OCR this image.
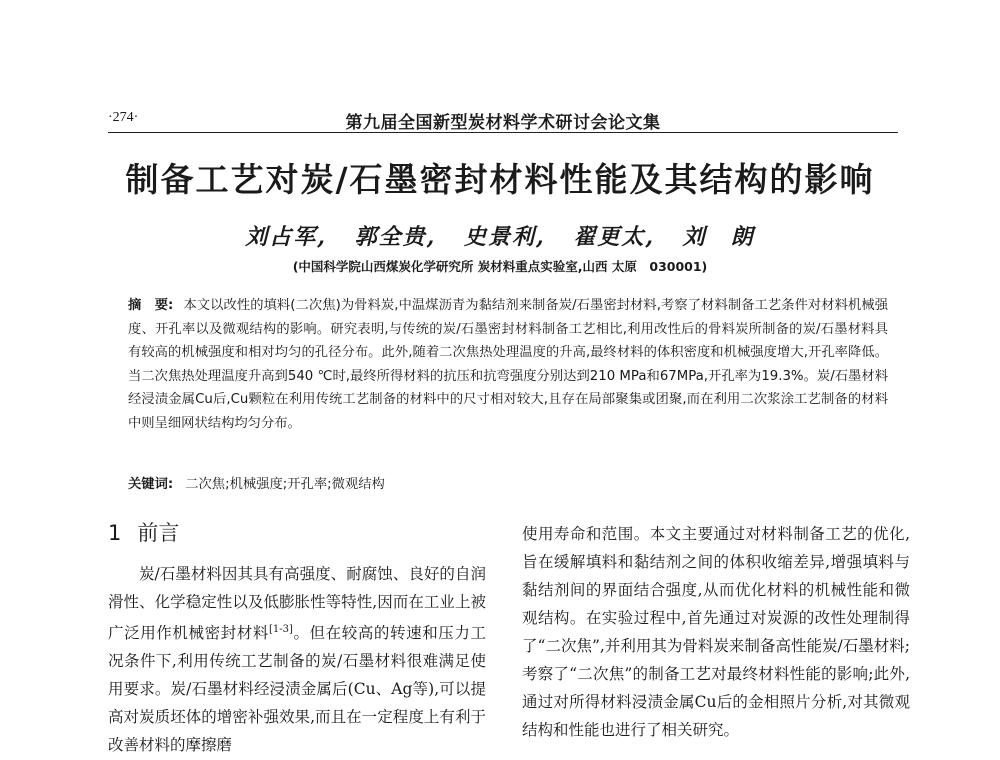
·274·	第九届全国新型炭材料学术研讨会论文集
制备工艺对炭/石墨密封材料性能及其结构的影响
刘占军, 郭全贵, 史景利, 翟更太, 刘　朗
(中国科学院山西煤炭化学研究所 炭材料重点实验室,山西 太原　030001)
摘　要: 本文以改性的填料(二次焦)为骨料炭,中温煤沥青为黏结剂来制备炭/石墨密封材料,考察了材料制备工艺条件对材料机械强度、开孔率以及微观结构的影响。研究表明,与传统的炭/石墨密封材料制备工艺相比,利用改性后的骨料炭所制备的炭/石墨材料具有较高的机械强度和相对均匀的孔径分布。此外,随着二次焦热处理温度的升高,最终材料的体积密度和机械强度增大,开孔率降低。当二次焦热处理温度升高到540 ℃时,最终所得材料的抗压和抗弯强度分别达到210 MPa和67MPa,开孔率为19.3%。炭/石墨材料经浸渍金属Cu后,Cu颗粒在利用传统工艺制备的材料中的尺寸相对较大,且存在局部聚集或团聚,而在利用二次浆涂工艺制备的材料中则呈细网状结构均匀分布。
关键词: 二次焦;机械强度;开孔率;微观结构
1 前言

炭/石墨材料因其具有高强度、耐腐蚀、良好的自润滑性、化学稳定性以及低膨胀性等特性,因而在工业上被广泛用作机械密封材料[1-3]。但在较高的转速和压力工况条件下,利用传统工艺制备的炭/石墨材料很难满足使用要求。炭/石墨材料经浸渍金属后(Cu、Ag等),可以提高对炭质坯体的增密补强效果,而且在一定程度上有利于改善材料的摩擦磨

使用寿命和范围。本文主要通过对材料制备工艺的优化,旨在缓解填料和黏结剂之间的体积收缩差异,增强填料与黏结剂间的界面结合强度,从而优化材料的机械性能和微观结构。在实验过程中,首先通过对炭源的改性处理制得了“二次焦”,并利用其为骨料炭来制备高性能炭/石墨材料;考察了“二次焦”的制备工艺对最终材料性能的影响;此外,通过对所得材料浸渍金属Cu后的金相照片分析,对其微观结构和性能也进行了相关研究。
